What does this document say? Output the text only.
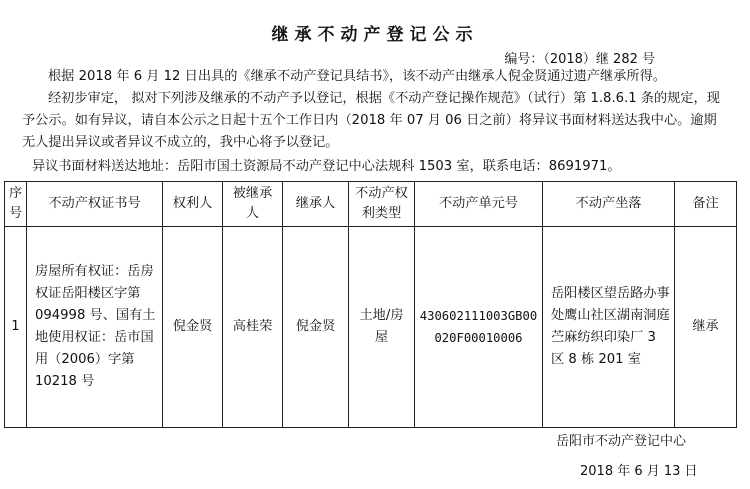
继承不动产登记公示
编号：（2018）继 282 号
根据 2018 年 6 月 12 日出具的《继承不动产登记具结书》，该不动产由继承人倪金贤通过遗产继承所得。
经初步审定， 拟对下列涉及继承的不动产予以登记，根据《不动产登记操作规范》（试行）第 1.8.6.1 条的规定，现予公示。如有异议，请自本公示之日起十五个工作日内（2018 年 07 月 06 日之前）将异议书面材料送达我中心。逾期无人提出异议或者异议不成立的，我中心将予以登记。
异议书面材料送达地址：岳阳市国土资源局不动产登记中心法规科 1503 室，联系电话：8691971。
序号	不动产权证书号	权利人	被继承人	继承人	不动产权利类型	不动产单元号	不动产坐落	备注
1	房屋所有权证：岳房权证岳阳楼区字第 094998 号、国有土地使用权证：岳市国用（2006）字第 10218 号	倪金贤	高桂荣	倪金贤	土地/房屋	430602111003GB00020F00010006	岳阳楼区望岳路办事处鹰山社区湖南洞庭苎麻纺织印染厂 3 区 8 栋 201 室	继承
岳阳市不动产登记中心
2018 年 6 月 13 日
